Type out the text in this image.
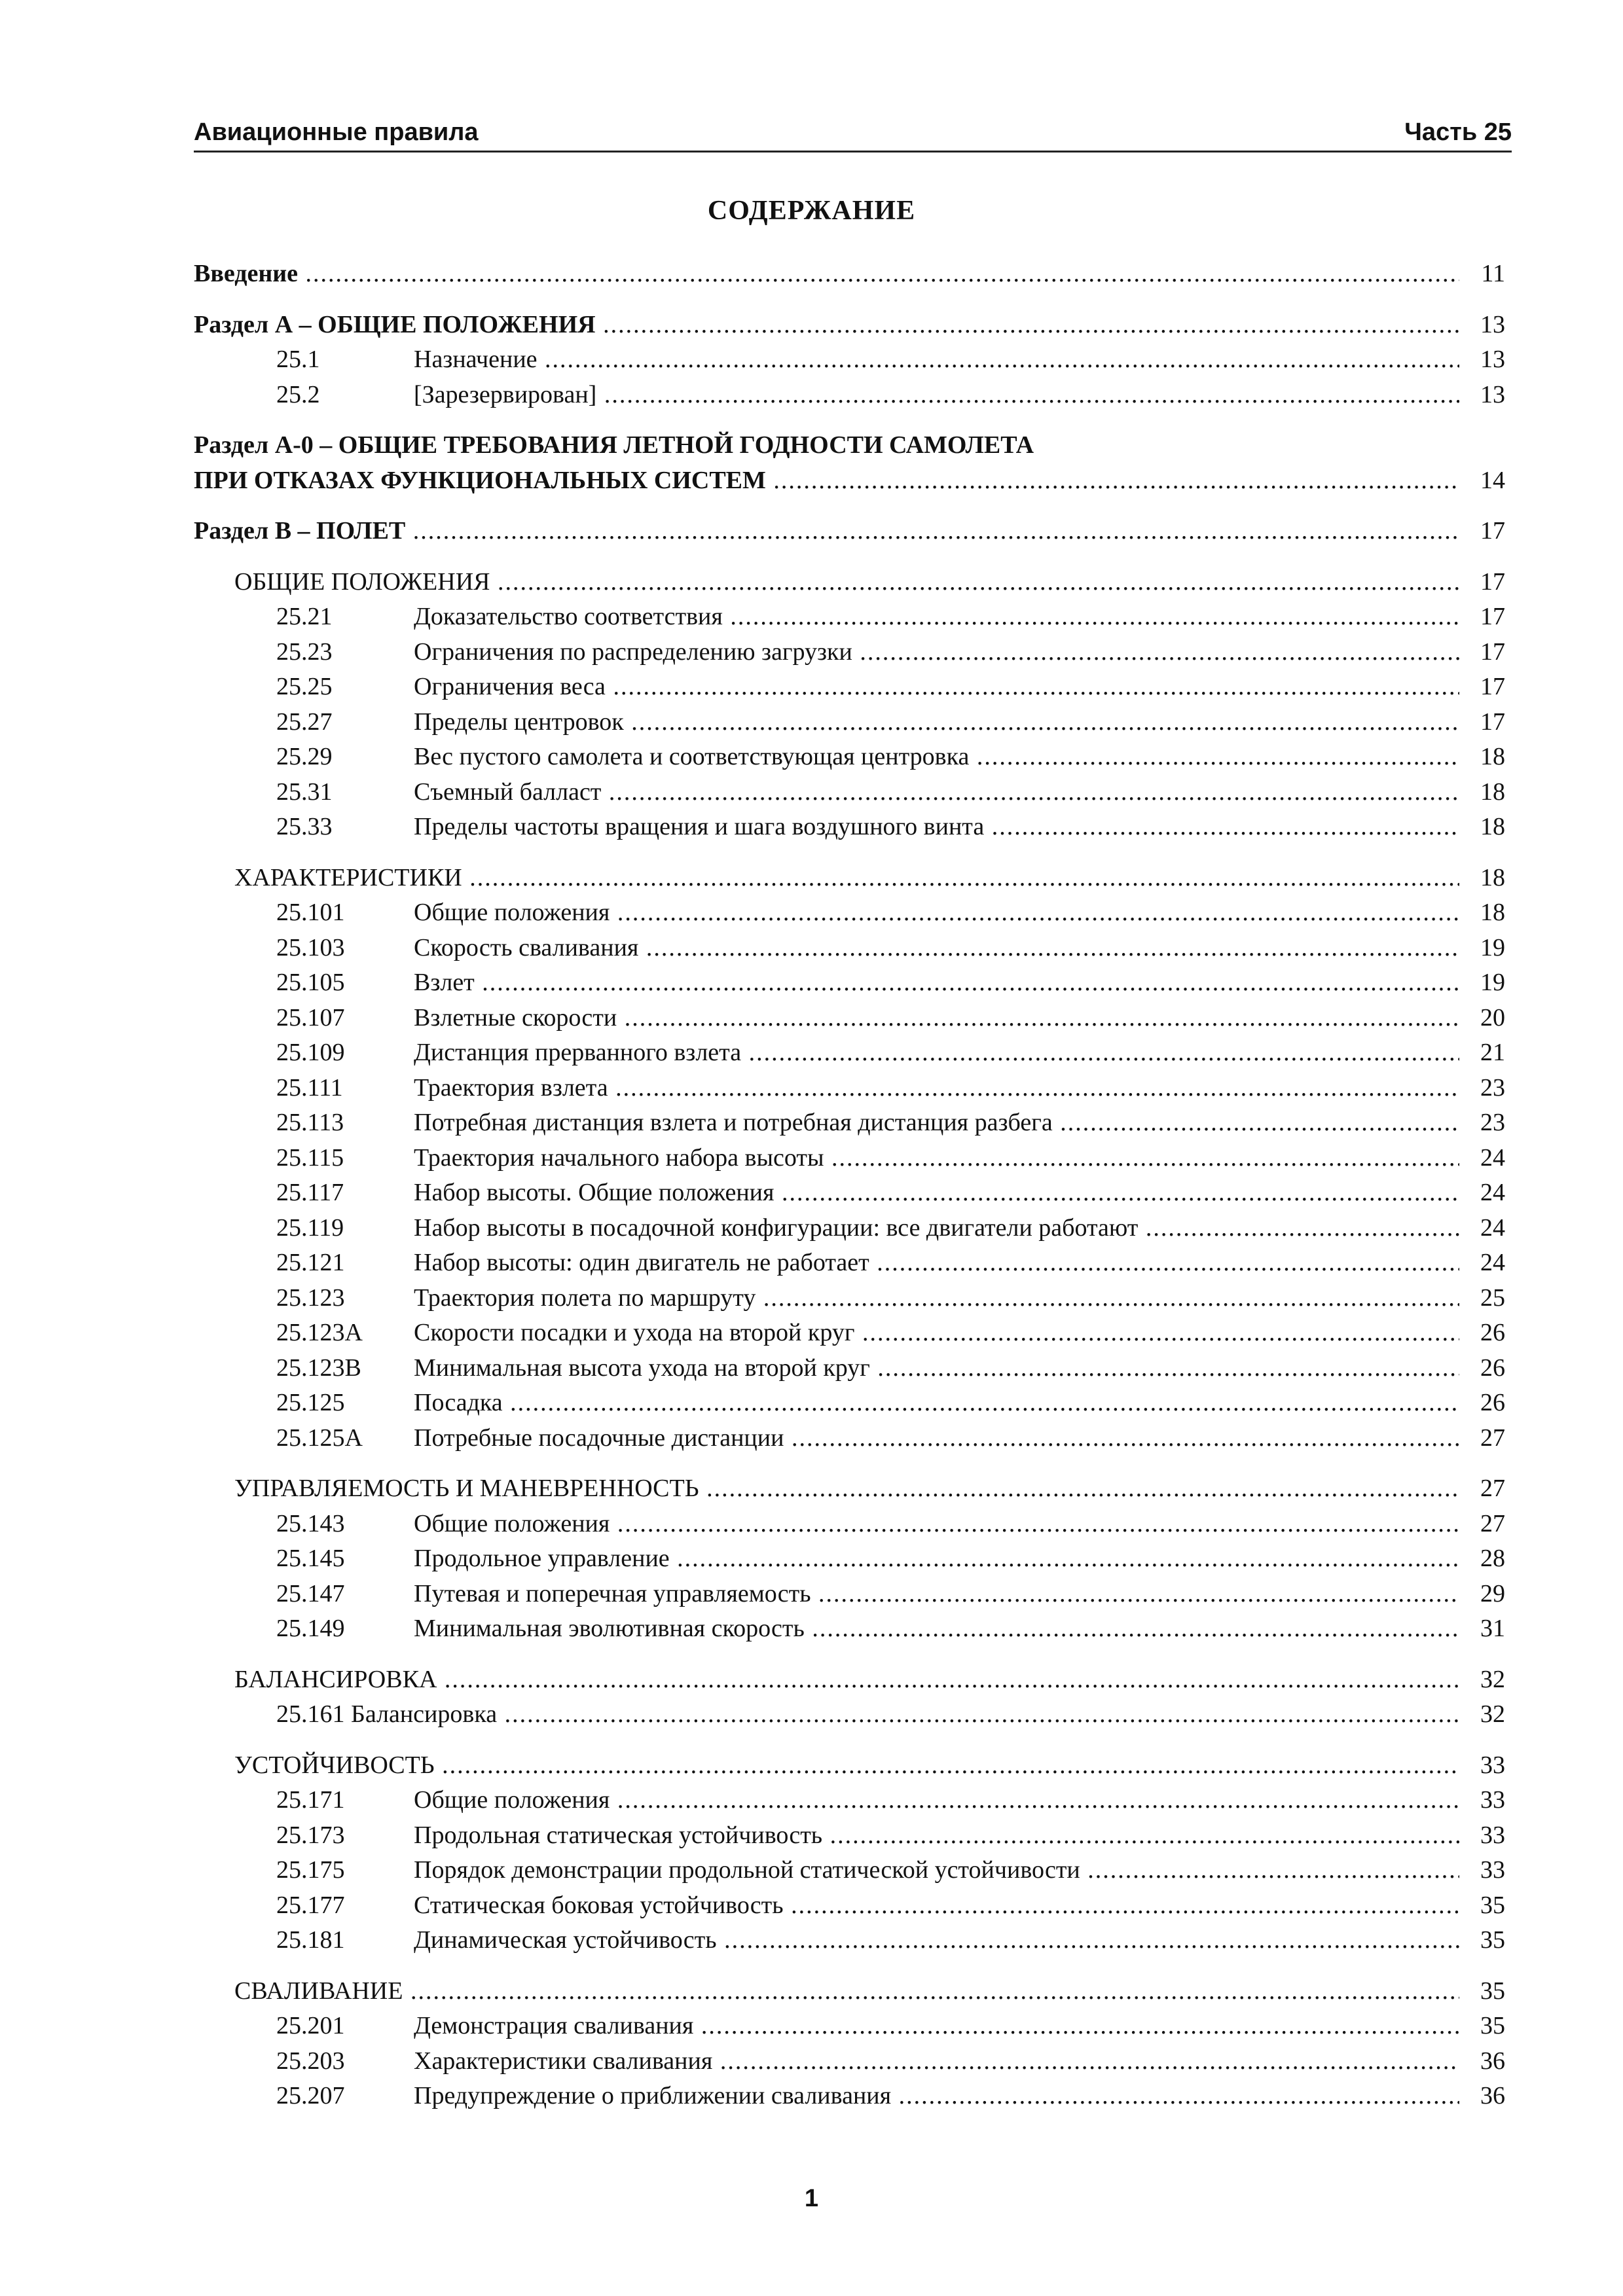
Авиационные правила	Часть 25
СОДЕРЖАНИЕ
Введение .....	11
Раздел А – ОБЩИЕ ПОЛОЖЕНИЯ .....	13
25.1	Назначение .....	13
25.2	[Зарезервирован] .....	13
Раздел А-0 – ОБЩИЕ ТРЕБОВАНИЯ ЛЕТНОЙ ГОДНОСТИ САМОЛЕТА
ПРИ ОТКАЗАХ ФУНКЦИОНАЛЬНЫХ СИСТЕМ .....	14
Раздел В – ПОЛЕТ .....	17
ОБЩИЕ ПОЛОЖЕНИЯ .....	17
25.21	Доказательство соответствия .....	17
25.23	Ограничения по распределению загрузки .....	17
25.25	Ограничения веса .....	17
25.27	Пределы центровок .....	17
25.29	Вес пустого самолета и соответствующая центровка .....	18
25.31	Съемный балласт .....	18
25.33	Пределы частоты вращения и шага воздушного винта .....	18
ХАРАКТЕРИСТИКИ .....	18
25.101	Общие положения .....	18
25.103	Скорость сваливания .....	19
25.105	Взлет .....	19
25.107	Взлетные скорости .....	20
25.109	Дистанция прерванного взлета .....	21
25.111	Траектория взлета .....	23
25.113	Потребная дистанция взлета и потребная дистанция разбега .....	23
25.115	Траектория начального набора высоты .....	24
25.117	Набор высоты. Общие положения .....	24
25.119	Набор высоты в посадочной конфигурации: все двигатели работают .....	24
25.121	Набор высоты: один двигатель не работает .....	24
25.123	Траектория полета по маршруту .....	25
25.123А Скорости посадки и ухода на второй круг .....	26
25.123В Минимальная высота ухода на второй круг .....	26
25.125	Посадка .....	26
25.125А Потребные посадочные дистанции .....	27
УПРАВЛЯЕМОСТЬ И МАНЕВРЕННОСТЬ .....	27
25.143	Общие положения .....	27
25.145	Продольное управление .....	28
25.147	Путевая и поперечная управляемость .....	29
25.149	Минимальная эволютивная скорость .....	31
БАЛАНСИРОВКА .....	32
25.161 Балансировка .....	32
УСТОЙЧИВОСТЬ .....	33
25.171	Общие положения .....	33
25.173	Продольная статическая устойчивость .....	33
25.175	Порядок демонстрации продольной статической устойчивости .....	33
25.177	Статическая боковая устойчивость .....	35
25.181	Динамическая устойчивость .....	35
СВАЛИВАНИЕ .....	35
25.201	Демонстрация сваливания .....	35
25.203	Характеристики сваливания .....	36
25.207	Предупреждение о приближении сваливания .....	36
1
